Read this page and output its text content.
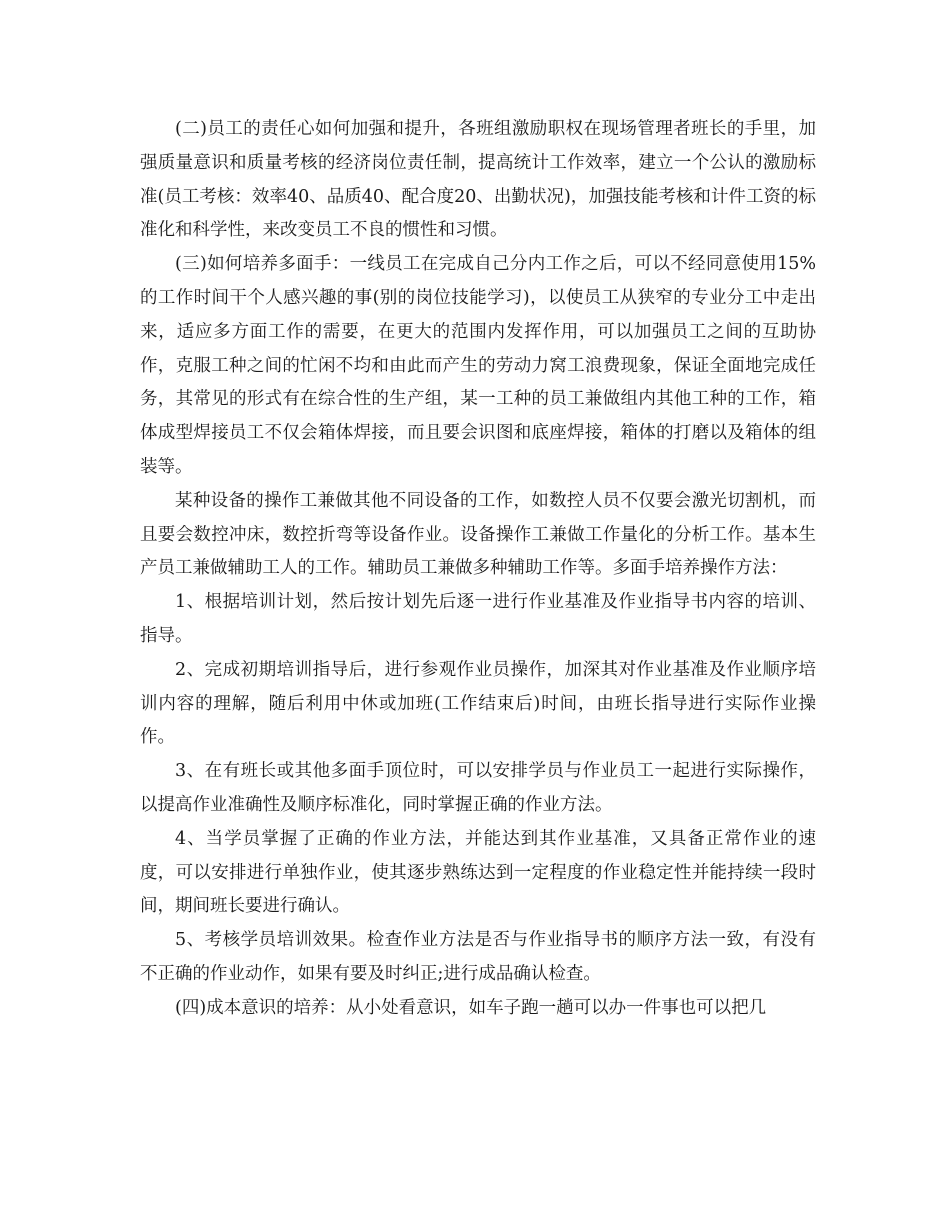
(二)员工的责任心如何加强和提升，各班组激励职权在现场管理者班长的手里，加强质量意识和质量考核的经济岗位责任制，提高统计工作效率，建立一个公认的激励标准(员工考核：效率40、品质40、配合度20、出勤状况)，加强技能考核和计件工资的标准化和科学性，来改变员工不良的惯性和习惯。

(三)如何培养多面手：一线员工在完成自己分内工作之后，可以不经同意使用15%的工作时间干个人感兴趣的事(别的岗位技能学习)，以使员工从狭窄的专业分工中走出来，适应多方面工作的需要，在更大的范围内发挥作用，可以加强员工之间的互助协作，克服工种之间的忙闲不均和由此而产生的劳动力窝工浪费现象，保证全面地完成任务，其常见的形式有在综合性的生产组，某一工种的员工兼做组内其他工种的工作，箱体成型焊接员工不仅会箱体焊接，而且要会识图和底座焊接，箱体的打磨以及箱体的组装等。

某种设备的操作工兼做其他不同设备的工作，如数控人员不仅要会激光切割机，而且要会数控冲床，数控折弯等设备作业。设备操作工兼做工作量化的分析工作。基本生产员工兼做辅助工人的工作。辅助员工兼做多种辅助工作等。多面手培养操作方法：

1、根据培训计划，然后按计划先后逐一进行作业基准及作业指导书内容的培训、指导。

2、完成初期培训指导后，进行参观作业员操作，加深其对作业基准及作业顺序培训内容的理解，随后利用中休或加班(工作结束后)时间，由班长指导进行实际作业操作。

3、在有班长或其他多面手顶位时，可以安排学员与作业员工一起进行实际操作，以提高作业准确性及顺序标准化，同时掌握正确的作业方法。

4、当学员掌握了正确的作业方法，并能达到其作业基准，又具备正常作业的速度，可以安排进行单独作业，使其逐步熟练达到一定程度的作业稳定性并能持续一段时间，期间班长要进行确认。

5、考核学员培训效果。检查作业方法是否与作业指导书的顺序方法一致，有没有不正确的作业动作，如果有要及时纠正;进行成品确认检查。

(四)成本意识的培养：从小处看意识，如车子跑一趟可以办一件事也可以把几
